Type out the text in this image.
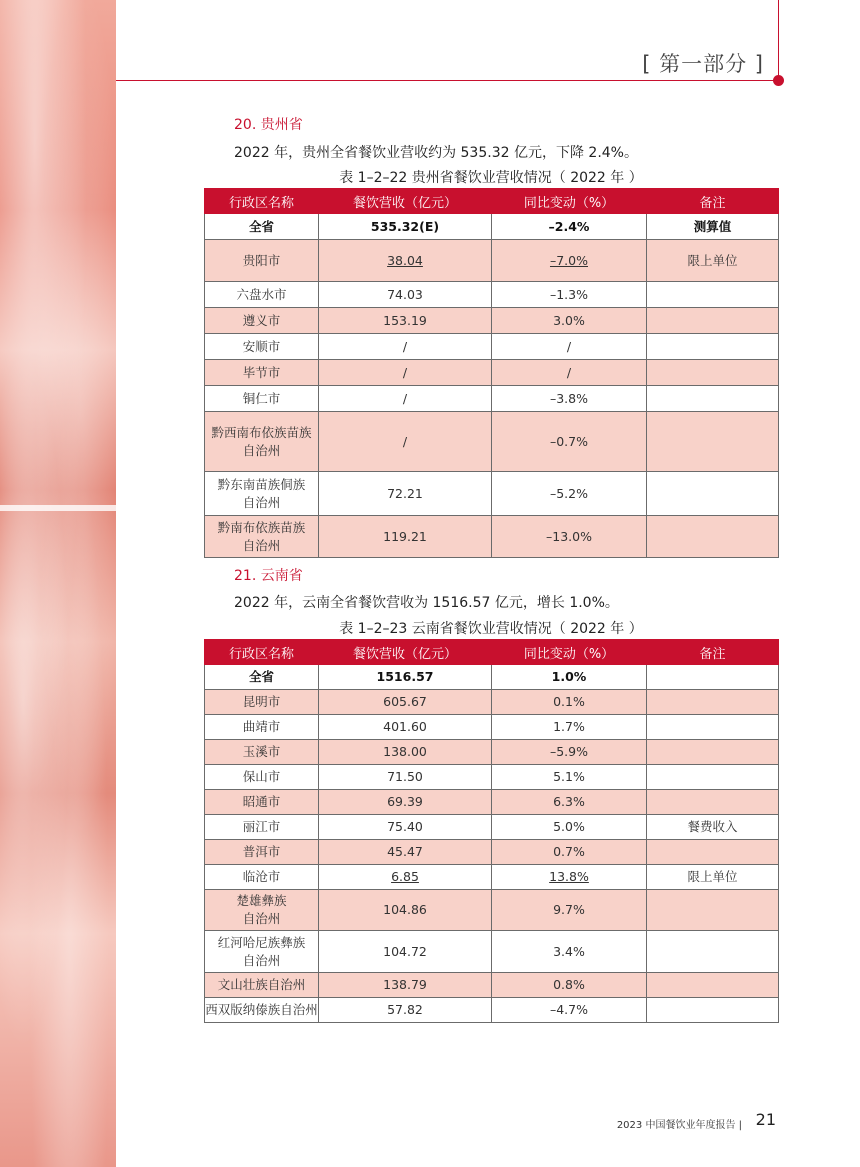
[ 第一部分 ]
20. 贵州省
2022 年，贵州全省餐饮业营收约为 535.32 亿元，下降 2.4%。
表 1–2–22 贵州省餐饮业营收情况（ 2022 年 ）
行政区名称	餐饮营收（亿元）	同比变动（%）	备注
全省	535.32(E)	–2.4%	测算值
贵阳市	38.04	–7.0%	限上单位
六盘水市	74.03	–1.3%	
遵义市	153.19	3.0%	
安顺市	/	/	
毕节市	/	/	
铜仁市	/	–3.8%	
黔西南布依族苗族
自治州	/	–0.7%	
黔东南苗族侗族
自治州	72.21	–5.2%	
黔南布依族苗族
自治州	119.21	–13.0%	
21. 云南省
2022 年，云南全省餐饮营收为 1516.57 亿元，增长 1.0%。
表 1–2–23 云南省餐饮业营收情况（ 2022 年 ）
行政区名称	餐饮营收（亿元）	同比变动（%）	备注
全省	1516.57	1.0%	
昆明市	605.67	0.1%	
曲靖市	401.60	1.7%	
玉溪市	138.00	–5.9%	
保山市	71.50	5.1%	
昭通市	69.39	6.3%	
丽江市	75.40	5.0%	餐费收入
普洱市	45.47	0.7%	
临沧市	6.85	13.8%	限上单位
楚雄彝族
自治州	104.86	9.7%	
红河哈尼族彝族
自治州	104.72	3.4%	
文山壮族自治州	138.79	0.8%	
西双版纳傣族自治州	57.82	–4.7%	
2023 中国餐饮业年度报告 | 21
